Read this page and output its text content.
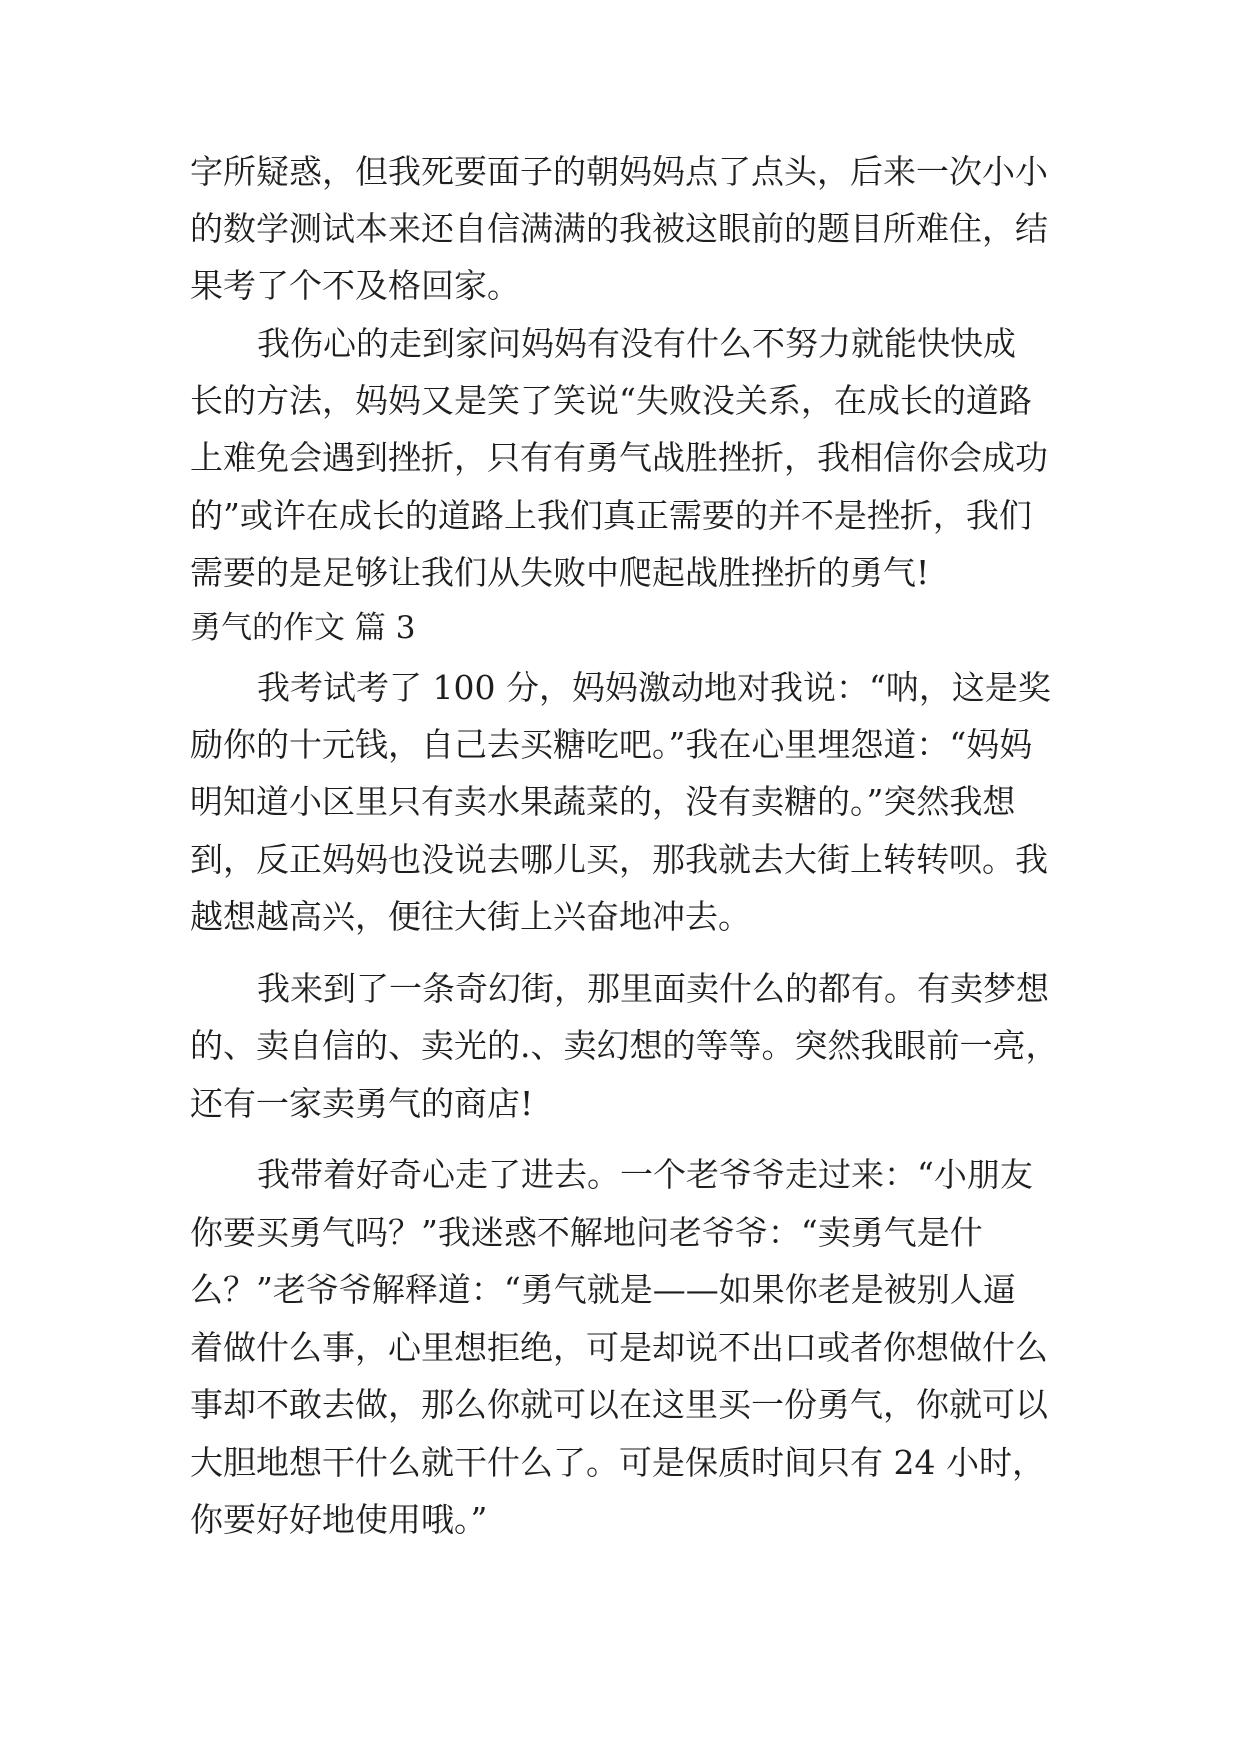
字所疑惑，但我死要面子的朝妈妈点了点头，后来一次小小

的数学测试本来还自信满满的我被这眼前的题目所难住，结

果考了个不及格回家。

我伤心的走到家问妈妈有没有什么不努力就能快快成

长的方法，妈妈又是笑了笑说“失败没关系，在成长的道路

上难免会遇到挫折，只有有勇气战胜挫折，我相信你会成功

的”或许在成长的道路上我们真正需要的并不是挫折，我们

需要的是足够让我们从失败中爬起战胜挫折的勇气!

勇气的作文 篇 3

我考试考了 100 分，妈妈激动地对我说：“呐，这是奖

励你的十元钱，自己去买糖吃吧。”我在心里埋怨道：“妈妈

明知道小区里只有卖水果蔬菜的，没有卖糖的。”突然我想

到，反正妈妈也没说去哪儿买，那我就去大街上转转呗。我

越想越高兴，便往大街上兴奋地冲去。

我来到了一条奇幻街，那里面卖什么的都有。有卖梦想

的、卖自信的、卖光的.、卖幻想的等等。突然我眼前一亮，

还有一家卖勇气的商店!

我带着好奇心走了进去。一个老爷爷走过来：“小朋友

你要买勇气吗？”我迷惑不解地问老爷爷：“卖勇气是什

么？”老爷爷解释道：“勇气就是——如果你老是被别人逼

着做什么事，心里想拒绝，可是却说不出口或者你想做什么

事却不敢去做，那么你就可以在这里买一份勇气，你就可以

大胆地想干什么就干什么了。可是保质时间只有 24 小时，

你要好好地使用哦。”
